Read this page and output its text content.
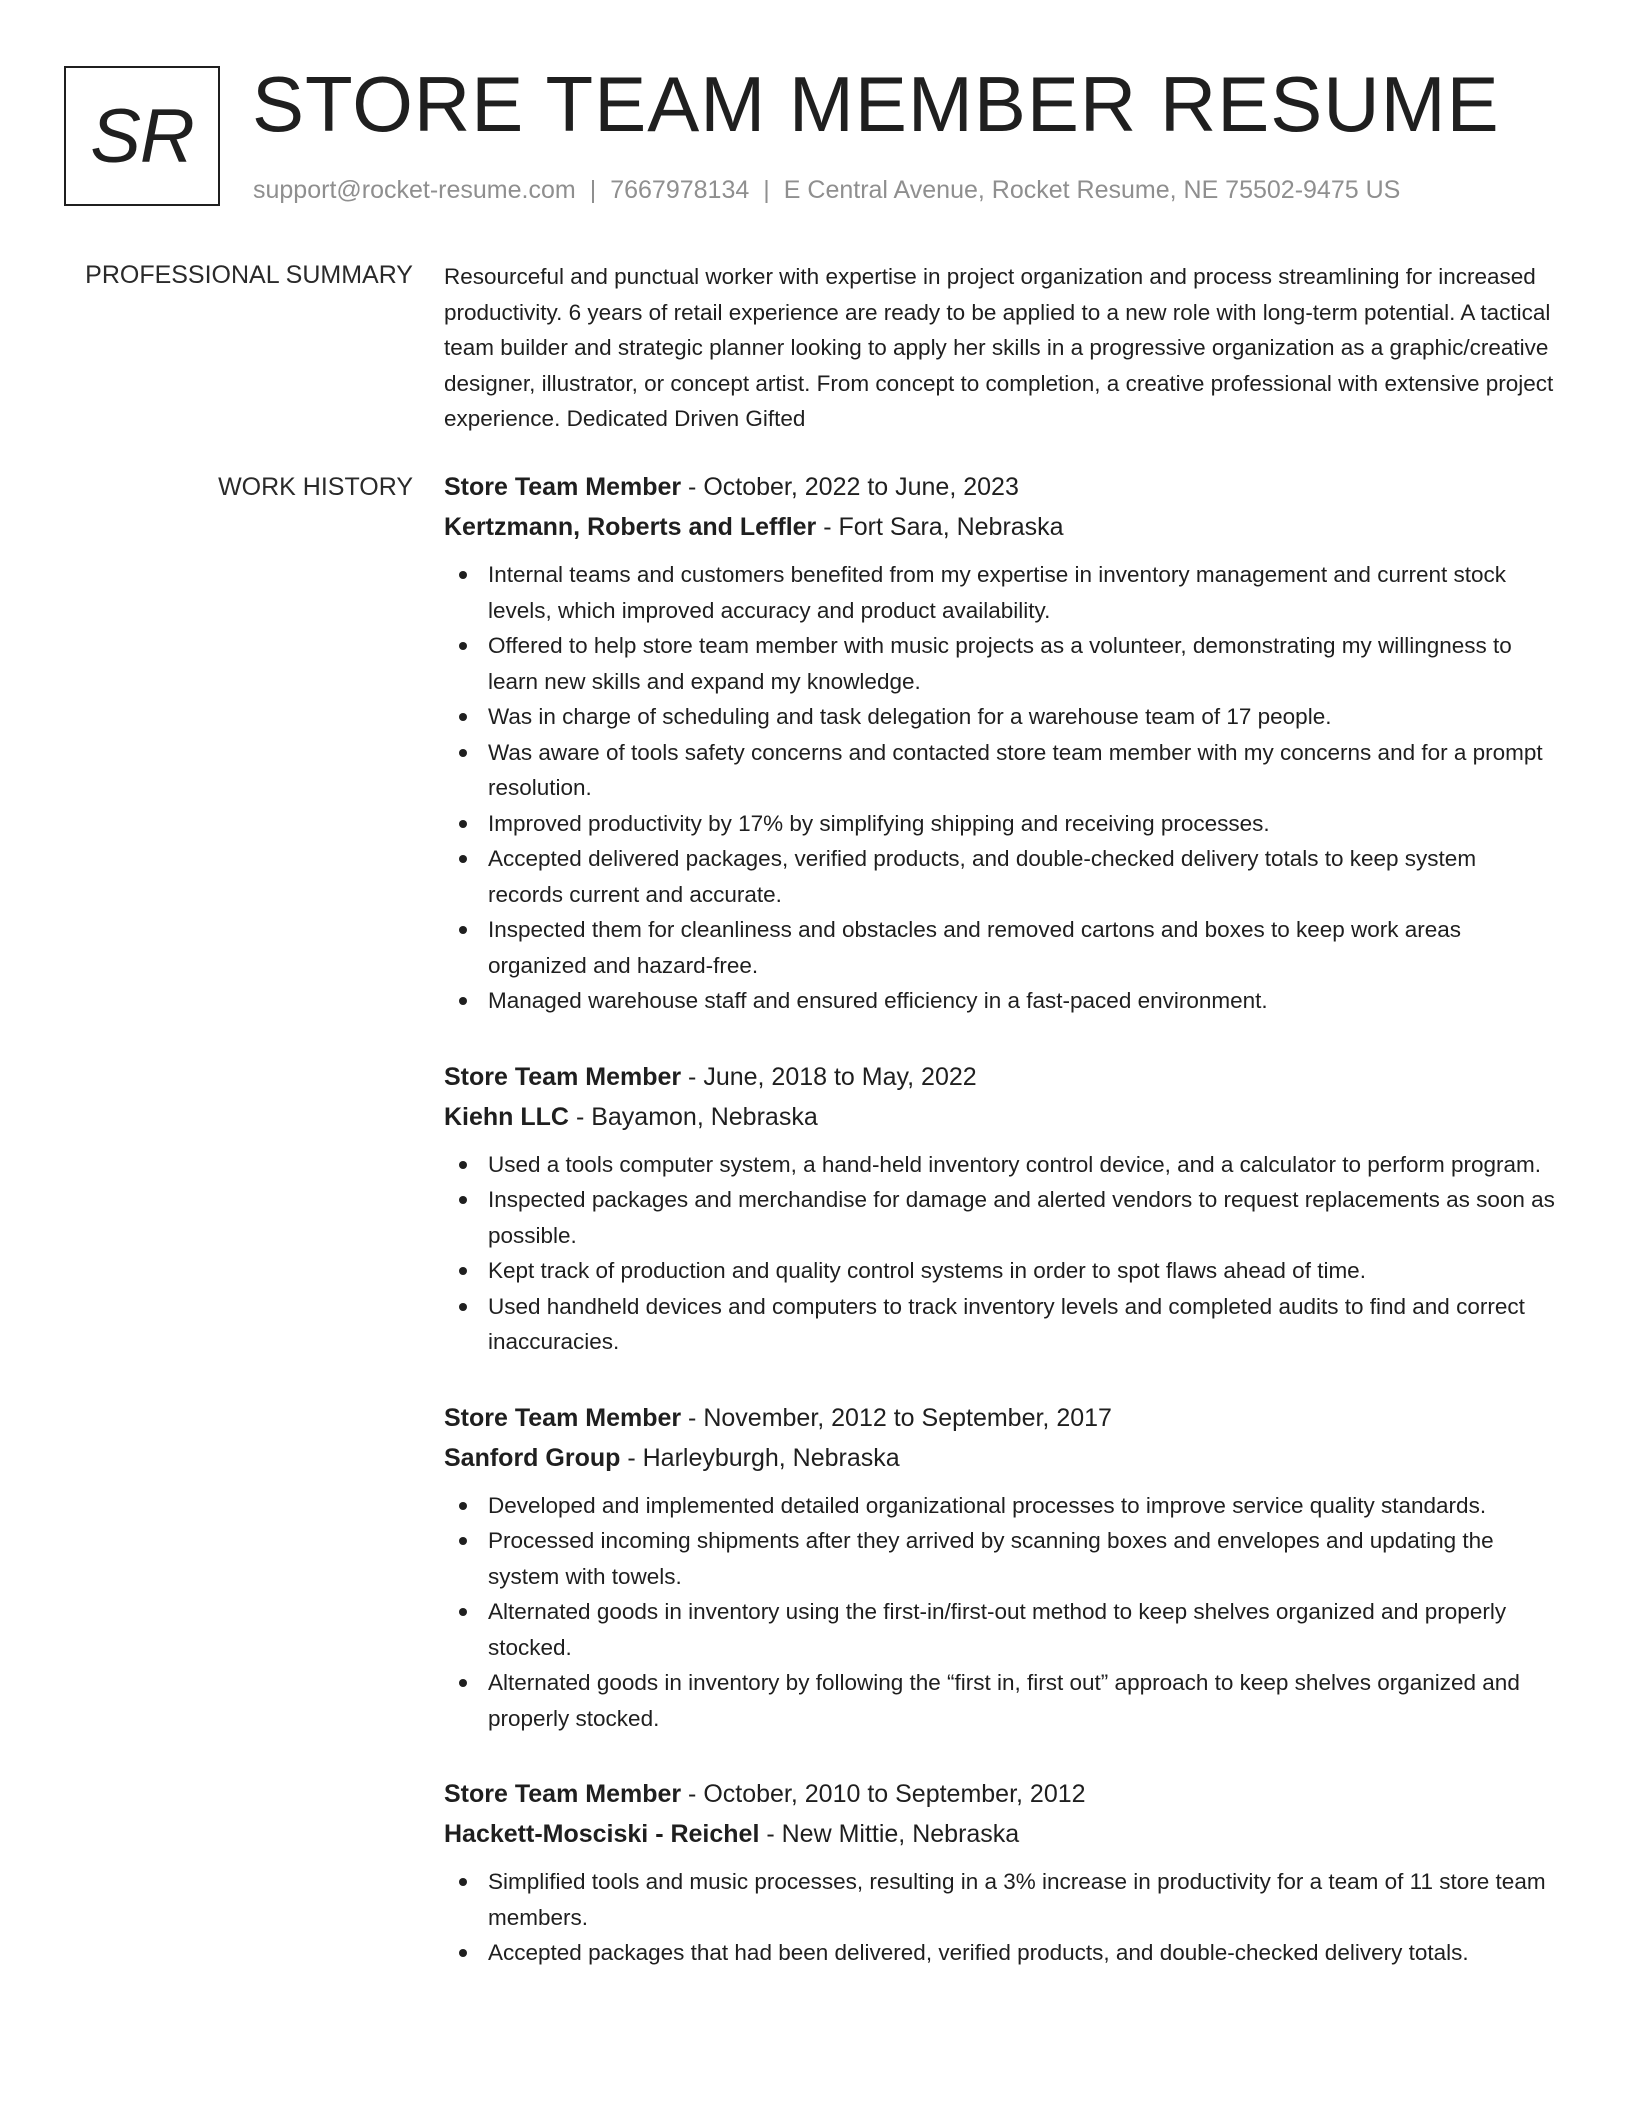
SR STORE TEAM MEMBER RESUME
support@rocket-resume.com | 7667978134 | E Central Avenue, Rocket Resume, NE 75502-9475 US
PROFESSIONAL SUMMARY Resourceful and punctual worker with expertise in project organization and process streamlining for increased productivity. 6 years of retail experience are ready to be applied to a new role with long-term potential. A tactical team builder and strategic planner looking to apply her skills in a progressive organization as a graphic/creative designer, illustrator, or concept artist. From concept to completion, a creative professional with extensive project experience. Dedicated Driven Gifted

WORK HISTORY Store Team Member - October, 2022 to June, 2023
Kertzmann, Roberts and Leffler - Fort Sara, Nebraska
Internal teams and customers benefited from my expertise in inventory management and current stock levels, which improved accuracy and product availability.
Offered to help store team member with music projects as a volunteer, demonstrating my willingness to learn new skills and expand my knowledge.
Was in charge of scheduling and task delegation for a warehouse team of 17 people.
Was aware of tools safety concerns and contacted store team member with my concerns and for a prompt resolution.
Improved productivity by 17% by simplifying shipping and receiving processes.
Accepted delivered packages, verified products, and double-checked delivery totals to keep system records current and accurate.
Inspected them for cleanliness and obstacles and removed cartons and boxes to keep work areas organized and hazard-free.
Managed warehouse staff and ensured efficiency in a fast-paced environment.
Store Team Member - June, 2018 to May, 2022
Kiehn LLC - Bayamon, Nebraska
Used a tools computer system, a hand-held inventory control device, and a calculator to perform program.
Inspected packages and merchandise for damage and alerted vendors to request replacements as soon as possible.
Kept track of production and quality control systems in order to spot flaws ahead of time.
Used handheld devices and computers to track inventory levels and completed audits to find and correct inaccuracies.
Store Team Member - November, 2012 to September, 2017
Sanford Group - Harleyburgh, Nebraska
Developed and implemented detailed organizational processes to improve service quality standards.
Processed incoming shipments after they arrived by scanning boxes and envelopes and updating the system with towels.
Alternated goods in inventory using the first-in/first-out method to keep shelves organized and properly stocked.
Alternated goods in inventory by following the “first in, first out” approach to keep shelves organized and properly stocked.
Store Team Member - October, 2010 to September, 2012
Hackett-Mosciski - Reichel - New Mittie, Nebraska
Simplified tools and music processes, resulting in a 3% increase in productivity for a team of 11 store team members.
Accepted packages that had been delivered, verified products, and double-checked delivery totals.
